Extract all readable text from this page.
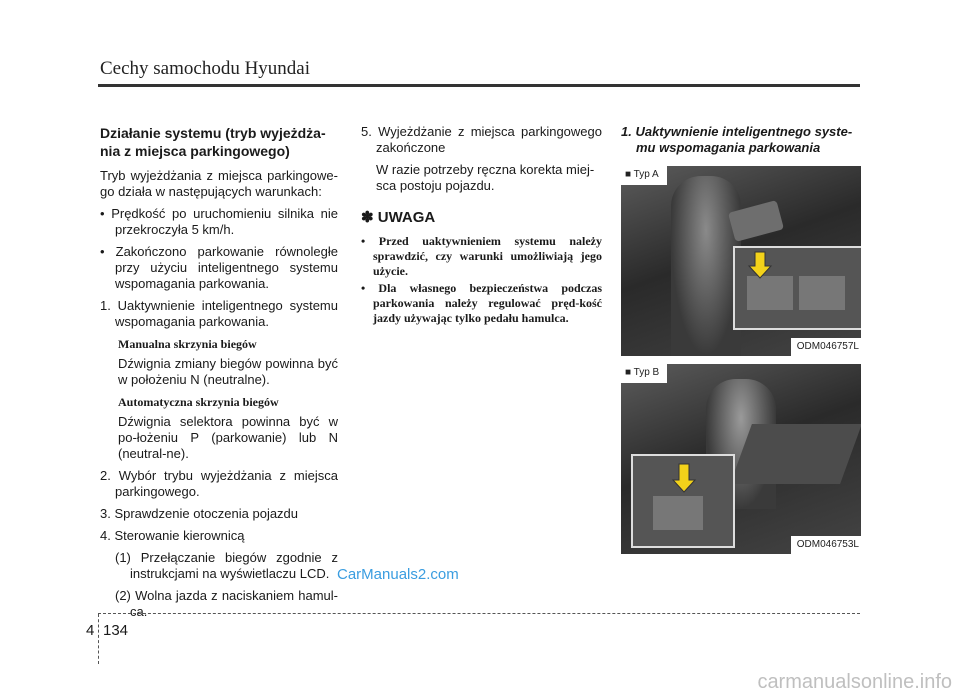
Cechy samochodu Hyundai
Działanie systemu (tryb wyjeżdża-nia z miejsca parkingowego)

Tryb wyjeżdżania z miejsca parkingowe-go działa w następujących warunkach:

• Prędkość po uruchomieniu silnika nie przekroczyła 5 km/h.
• Zakończono parkowanie równoległe przy użyciu inteligentnego systemu wspomagania parkowania.
1. Uaktywnienie inteligentnego systemu wspomagania parkowania.
Manualna skrzynia biegów
Dźwignia zmiany biegów powinna być w położeniu N (neutralne).
Automatyczna skrzynia biegów
Dźwignia selektora powinna być w po-łożeniu P (parkowanie) lub N (neutral-ne).
2. Wybór trybu wyjeżdżania z miejsca parkingowego.
3. Sprawdzenie otoczenia pojazdu
4. Sterowanie kierownicą
(1) Przełączanie biegów zgodnie z instrukcjami na wyświetlaczu LCD.
(2) Wolna jazda z naciskaniem hamul-ca.
5. Wyjeżdżanie z miejsca parkingowego zakończone
W razie potrzeby ręczna korekta miej-sca postoju pojazdu.
✽ UWAGA
• Przed uaktywnieniem systemu należy sprawdzić, czy warunki umożliwiają jego użycie.
• Dla własnego bezpieczeństwa podczas parkowania należy regulować pręd-kość jazdy używając tylko pedału hamulca.
1. Uaktywnienie inteligentnego syste-mu wspomagania parkowania
■ Typ A
ODM046757L
■ Typ B
ODM046753L
CarManuals2.com
4 134
carmanualsonline.info
